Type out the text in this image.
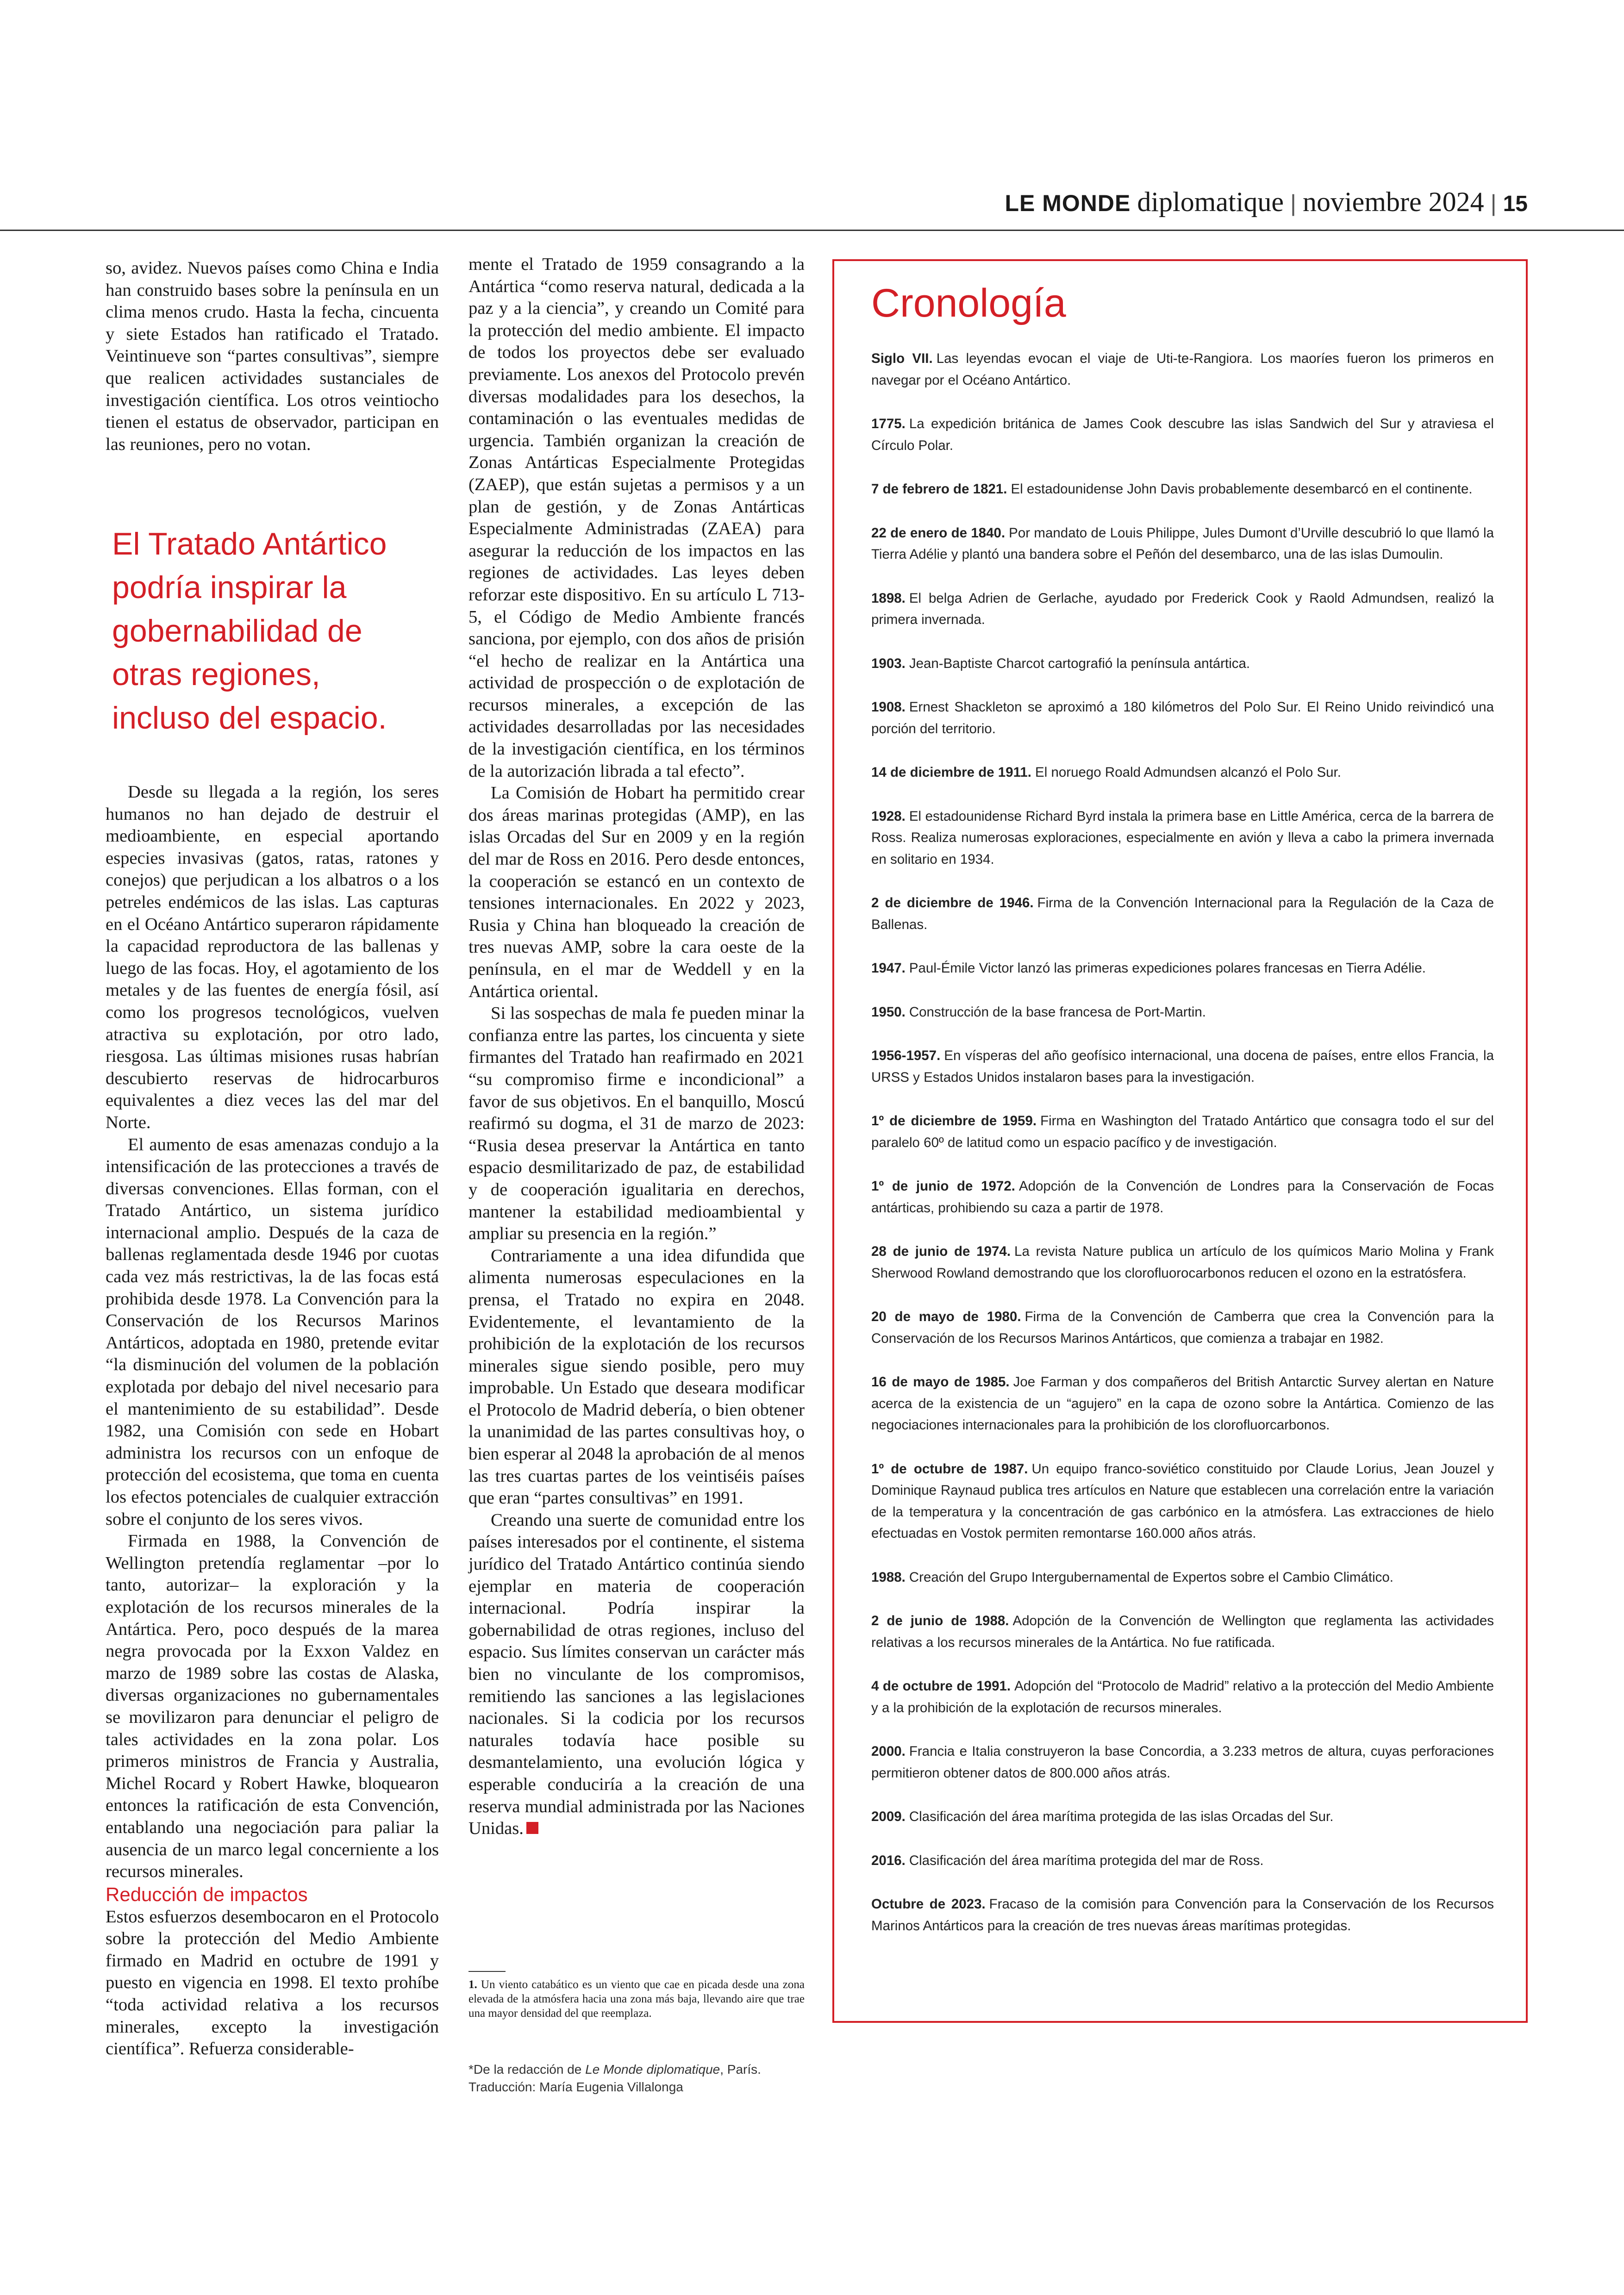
LE MONDE diplomatique | noviembre 2024 | 15

so, avidez. Nuevos países como China e India han construido bases sobre la península en un clima menos crudo. Hasta la fecha, cincuenta y siete Estados han ratificado el Tratado. Veintinueve son “partes consultivas”, siempre que realicen actividades sustanciales de investigación científica. Los otros veintiocho tienen el estatus de observador, participan en las reuniones, pero no votan.

El Tratado Antártico podría inspirar la gobernabilidad de otras regiones, incluso del espacio.

Desde su llegada a la región, los seres humanos no han dejado de destruir el medioambiente, en especial aportando especies invasivas (gatos, ratas, ratones y conejos) que perjudican a los albatros o a los petreles endémicos de las islas. Las capturas en el Océano Antártico superaron rápidamente la capacidad reproductora de las ballenas y luego de las focas. Hoy, el agotamiento de los metales y de las fuentes de energía fósil, así como los progresos tecnológicos, vuelven atractiva su explotación, por otro lado, riesgosa. Las últimas misiones rusas habrían descubierto reservas de hidrocarburos equivalentes a diez veces las del mar del Norte.

El aumento de esas amenazas condujo a la intensificación de las protecciones a través de diversas convenciones. Ellas forman, con el Tratado Antártico, un sistema jurídico internacional amplio. Después de la caza de ballenas reglamentada desde 1946 por cuotas cada vez más restrictivas, la de las focas está prohibida desde 1978. La Convención para la Conservación de los Recursos Marinos Antárticos, adoptada en 1980, pretende evitar “la disminución del volumen de la población explotada por debajo del nivel necesario para el mantenimiento de su estabilidad”. Desde 1982, una Comisión con sede en Hobart administra los recursos con un enfoque de protección del ecosistema, que toma en cuenta los efectos potenciales de cualquier extracción sobre el conjunto de los seres vivos.

Firmada en 1988, la Convención de Wellington pretendía reglamentar –por lo tanto, autorizar– la exploración y la explotación de los recursos minerales de la Antártica. Pero, poco después de la marea negra provocada por la Exxon Valdez en marzo de 1989 sobre las costas de Alaska, diversas organizaciones no gubernamentales se movilizaron para denunciar el peligro de tales actividades en la zona polar. Los primeros ministros de Francia y Australia, Michel Rocard y Robert Hawke, bloquearon entonces la ratificación de esta Convención, entablando una negociación para paliar la ausencia de un marco legal concerniente a los recursos minerales.

Reducción de impactos

Estos esfuerzos desembocaron en el Protocolo sobre la protección del Medio Ambiente firmado en Madrid en octubre de 1991 y puesto en vigencia en 1998. El texto prohíbe “toda actividad relativa a los recursos minerales, excepto la investigación científica”. Refuerza considerable-

mente el Tratado de 1959 consagrando a la Antártica “como reserva natural, dedicada a la paz y a la ciencia”, y creando un Comité para la protección del medio ambiente. El impacto de todos los proyectos debe ser evaluado previamente. Los anexos del Protocolo prevén diversas modalidades para los desechos, la contaminación o las eventuales medidas de urgencia. También organizan la creación de Zonas Antárticas Especialmente Protegidas (ZAEP), que están sujetas a permisos y a un plan de gestión, y de Zonas Antárticas Especialmente Administradas (ZAEA) para asegurar la reducción de los impactos en las regiones de actividades. Las leyes deben reforzar este dispositivo. En su artículo L 713-5, el Código de Medio Ambiente francés sanciona, por ejemplo, con dos años de prisión “el hecho de realizar en la Antártica una actividad de prospección o de explotación de recursos minerales, a excepción de las actividades desarrolladas por las necesidades de la investigación científica, en los términos de la autorización librada a tal efecto”.

La Comisión de Hobart ha permitido crear dos áreas marinas protegidas (AMP), en las islas Orcadas del Sur en 2009 y en la región del mar de Ross en 2016. Pero desde entonces, la cooperación se estancó en un contexto de tensiones internacionales. En 2022 y 2023, Rusia y China han bloqueado la creación de tres nuevas AMP, sobre la cara oeste de la península, en el mar de Weddell y en la Antártica oriental.

Si las sospechas de mala fe pueden minar la confianza entre las partes, los cincuenta y siete firmantes del Tratado han reafirmado en 2021 “su compromiso firme e incondicional” a favor de sus objetivos. En el banquillo, Moscú reafirmó su dogma, el 31 de marzo de 2023: “Rusia desea preservar la Antártica en tanto espacio desmilitarizado de paz, de estabilidad y de cooperación igualitaria en derechos, mantener la estabilidad medioambiental y ampliar su presencia en la región.”

Contrariamente a una idea difundida que alimenta numerosas especulaciones en la prensa, el Tratado no expira en 2048. Evidentemente, el levantamiento de la prohibición de la explotación de los recursos minerales sigue siendo posible, pero muy improbable. Un Estado que deseara modificar el Protocolo de Madrid debería, o bien obtener la unanimidad de las partes consultivas hoy, o bien esperar al 2048 la aprobación de al menos las tres cuartas partes de los veintiséis países que eran “partes consultivas” en 1991.

Creando una suerte de comunidad entre los países interesados por el continente, el sistema jurídico del Tratado Antártico continúa siendo ejemplar en materia de cooperación internacional. Podría inspirar la gobernabilidad de otras regiones, incluso del espacio. Sus límites conservan un carácter más bien no vinculante de los compromisos, remitiendo las sanciones a las legislaciones nacionales. Si la codicia por los recursos naturales todavía hace posible su desmantelamiento, una evolución lógica y esperable conduciría a la creación de una reserva mundial administrada por las Naciones Unidas.

1. Un viento catabático es un viento que cae en picada desde una zona elevada de la atmósfera hacia una zona más baja, llevando aire que trae una mayor densidad del que reemplaza.
*De la redacción de Le Monde diplomatique, París.
Traducción: María Eugenia Villalonga
Cronología
Siglo VII. Las leyendas evocan el viaje de Uti-te-Rangiora. Los maoríes fueron los primeros en navegar por el Océano Antártico.
1775. La expedición británica de James Cook descubre las islas Sandwich del Sur y atraviesa el Círculo Polar.
7 de febrero de 1821. El estadounidense John Davis probablemente desembarcó en el continente.
22 de enero de 1840. Por mandato de Louis Philippe, Jules Dumont d’Urville descubrió lo que llamó la Tierra Adélie y plantó una bandera sobre el Peñón del desembarco, una de las islas Dumoulin.
1898. El belga Adrien de Gerlache, ayudado por Frederick Cook y Raold Admundsen, realizó la primera invernada.
1903. Jean-Baptiste Charcot cartografió la península antártica.
1908. Ernest Shackleton se aproximó a 180 kilómetros del Polo Sur. El Reino Unido reivindicó una porción del territorio.
14 de diciembre de 1911. El noruego Roald Admundsen alcanzó el Polo Sur.
1928. El estadounidense Richard Byrd instala la primera base en Little América, cerca de la barrera de Ross. Realiza numerosas exploraciones, especialmente en avión y lleva a cabo la primera invernada en solitario en 1934.
2 de diciembre de 1946. Firma de la Convención Internacional para la Regulación de la Caza de Ballenas.
1947. Paul-Émile Victor lanzó las primeras expediciones polares francesas en Tierra Adélie.
1950. Construcción de la base francesa de Port-Martin.
1956-1957. En vísperas del año geofísico internacional, una docena de países, entre ellos Francia, la URSS y Estados Unidos instalaron bases para la investigación.
1º de diciembre de 1959. Firma en Washington del Tratado Antártico que consagra todo el sur del paralelo 60º de latitud como un espacio pacífico y de investigación.
1º de junio de 1972. Adopción de la Convención de Londres para la Conservación de Focas antárticas, prohibiendo su caza a partir de 1978.
28 de junio de 1974. La revista Nature publica un artículo de los químicos Mario Molina y Frank Sherwood Rowland demostrando que los clorofluorocarbonos reducen el ozono en la estratósfera.
20 de mayo de 1980. Firma de la Convención de Camberra que crea la Convención para la Conservación de los Recursos Marinos Antárticos, que comienza a trabajar en 1982.
16 de mayo de 1985. Joe Farman y dos compañeros del British Antarctic Survey alertan en Nature acerca de la existencia de un “agujero” en la capa de ozono sobre la Antártica. Comienzo de las negociaciones internacionales para la prohibición de los clorofluorcarbonos.
1º de octubre de 1987. Un equipo franco-soviético constituido por Claude Lorius, Jean Jouzel y Dominique Raynaud publica tres artículos en Nature que establecen una correlación entre la variación de la temperatura y la concentración de gas carbónico en la atmósfera. Las extracciones de hielo efectuadas en Vostok permiten remontarse 160.000 años atrás.
1988. Creación del Grupo Intergubernamental de Expertos sobre el Cambio Climático.
2 de junio de 1988. Adopción de la Convención de Wellington que reglamenta las actividades relativas a los recursos minerales de la Antártica. No fue ratificada.
4 de octubre de 1991. Adopción del “Protocolo de Madrid” relativo a la protección del Medio Ambiente y a la prohibición de la explotación de recursos minerales.
2000. Francia e Italia construyeron la base Concordia, a 3.233 metros de altura, cuyas perforaciones permitieron obtener datos de 800.000 años atrás.
2009. Clasificación del área marítima protegida de las islas Orcadas del Sur.
2016. Clasificación del área marítima protegida del mar de Ross.
Octubre de 2023. Fracaso de la comisión para Convención para la Conservación de los Recursos Marinos Antárticos para la creación de tres nuevas áreas marítimas protegidas.
